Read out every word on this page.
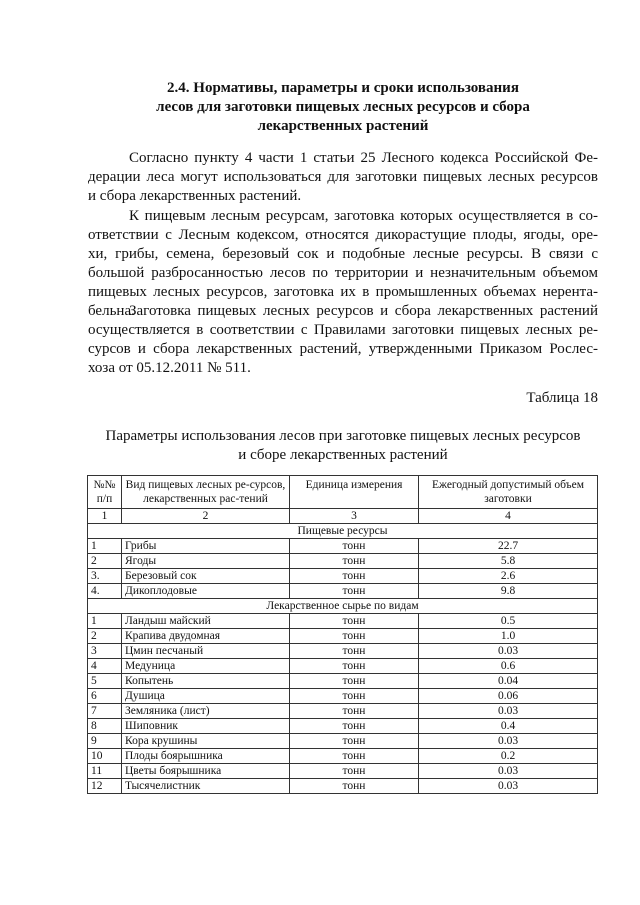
2.4. Нормативы, параметры и сроки использования
лесов для заготовки пищевых лесных ресурсов и сбора
лекарственных растений
Согласно пункту 4 части 1 статьи 25 Лесного кодекса Российской Фе-
дерации леса могут использоваться для заготовки пищевых лесных ресурсов
и сбора лекарственных растений.
К пищевым лесным ресурсам, заготовка которых осуществляется в со-
ответствии с Лесным кодексом, относятся дикорастущие плоды, ягоды, оре-
хи, грибы, семена, березовый сок и подобные лесные ресурсы. В связи с
большой разбросанностью лесов по территории и незначительным объемом
пищевых лесных ресурсов, заготовка их в промышленных объемах нерента-
бельна.
Заготовка пищевых лесных ресурсов и сбора лекарственных растений
осуществляется в соответствии с Правилами заготовки пищевых лесных ре-
сурсов и сбора лекарственных растений, утвержденными Приказом Рослес-
хоза от 05.12.2011 № 511.
Таблица 18
Параметры использования лесов при заготовке пищевых лесных ресурсов
и сборе лекарственных растений
№№ п/п	Вид пищевых лесных ре-сурсов, лекарственных рас-тений	Единица измерения	Ежегодный допустимый объем заготовки
1	2	3	4
Пищевые ресурсы			
1	Грибы	тонн	22.7
2	Ягоды	тонн	5.8
3.	Березовый сок	тонн	2.6
4.	Дикоплодовые	тонн	9.8
Лекарственное сырье по видам			
1	Ландыш майский	тонн	0.5
2	Крапива двудомная	тонн	1.0
3	Цмин песчаный	тонн	0.03
4	Медуница	тонн	0.6
5	Копытень	тонн	0.04
6	Душица	тонн	0.06
7	Земляника (лист)	тонн	0.03
8	Шиповник	тонн	0.4
9	Кора крушины	тонн	0.03
10	Плоды боярышника	тонн	0.2
11	Цветы боярышника	тонн	0.03
12	Тысячелистник	тонн	0.03
